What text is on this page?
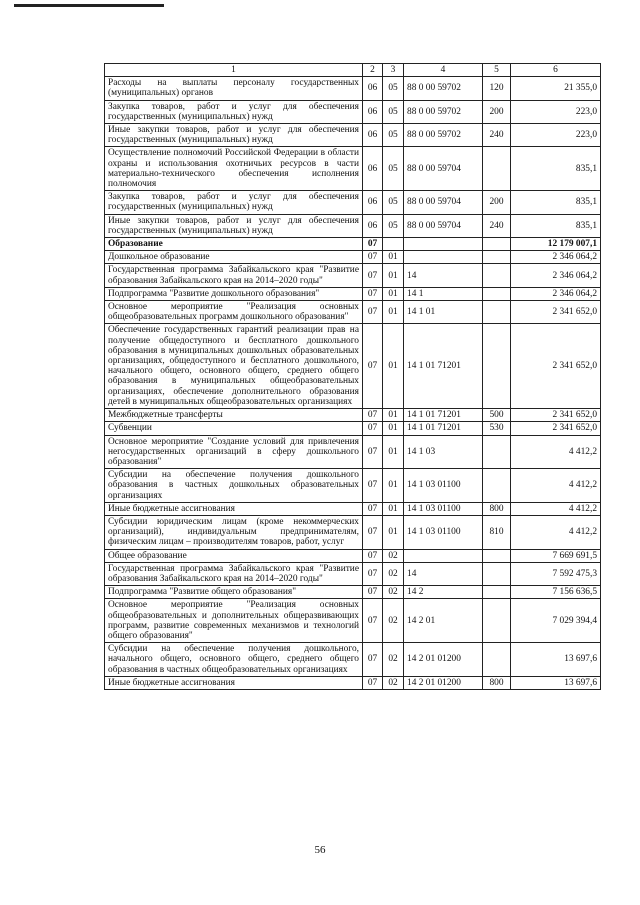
1	2	3	4	5	6
Расходы на выплаты персоналу государственных (муниципальных) органов	06	05	88 0 00 59702	120	21 355,0
Закупка товаров, работ и услуг для обеспечения государственных (муниципальных) нужд	06	05	88 0 00 59702	200	223,0
Иные закупки товаров, работ и услуг для обеспечения государственных (муниципальных) нужд	06	05	88 0 00 59702	240	223,0
Осуществление полномочий Российской Федерации в области охраны и использования охотничьих ресурсов в части материально-технического обеспечения исполнения полномочия	06	05	88 0 00 59704		835,1
Закупка товаров, работ и услуг для обеспечения государственных (муниципальных) нужд	06	05	88 0 00 59704	200	835,1
Иные закупки товаров, работ и услуг для обеспечения государственных (муниципальных) нужд	06	05	88 0 00 59704	240	835,1
Образование	07				12 179 007,1
Дошкольное образование	07	01			2 346 064,2
Государственная программа Забайкальского края "Развитие образования Забайкальского края на 2014–2020 годы"	07	01	14		2 346 064,2
Подпрограмма "Развитие дошкольного образования"	07	01	14 1		2 346 064,2
Основное мероприятие "Реализация основных общеобразовательных программ дошкольного образования"	07	01	14 1 01		2 341 652,0
Обеспечение государственных гарантий реализации прав на получение общедоступного и бесплатного дошкольного образования в муниципальных дошкольных образовательных организациях, общедоступного и бесплатного дошкольного, начального общего, основного общего, среднего общего образования в муниципальных общеобразовательных организациях, обеспечение дополнительного образования детей в муниципальных общеобразовательных организациях	07	01	14 1 01 71201		2 341 652,0
Межбюджетные трансферты	07	01	14 1 01 71201	500	2 341 652,0
Субвенции	07	01	14 1 01 71201	530	2 341 652,0
Основное мероприятие "Создание условий для привлечения негосударственных организаций в сферу дошкольного образования"	07	01	14 1 03		4 412,2
Субсидии на обеспечение получения дошкольного образования в частных дошкольных образовательных организациях	07	01	14 1 03 01100		4 412,2
Иные бюджетные ассигнования	07	01	14 1 03 01100	800	4 412,2
Субсидии юридическим лицам (кроме некоммерческих организаций), индивидуальным предпринимателям, физическим лицам – производителям товаров, работ, услуг	07	01	14 1 03 01100	810	4 412,2
Общее образование	07	02			7 669 691,5
Государственная программа Забайкальского края "Развитие образования Забайкальского края на 2014–2020 годы"	07	02	14		7 592 475,3
Подпрограмма "Развитие общего образования"	07	02	14 2		7 156 636,5
Основное мероприятие "Реализация основных общеобразовательных и дополнительных общеразвивающих программ, развитие современных механизмов и технологий общего образования"	07	02	14 2 01		7 029 394,4
Субсидии на обеспечение получения дошкольного, начального общего, основного общего, среднего общего образования в частных общеобразовательных организациях	07	02	14 2 01 01200		13 697,6
Иные бюджетные ассигнования	07	02	14 2 01 01200	800	13 697,6
56
